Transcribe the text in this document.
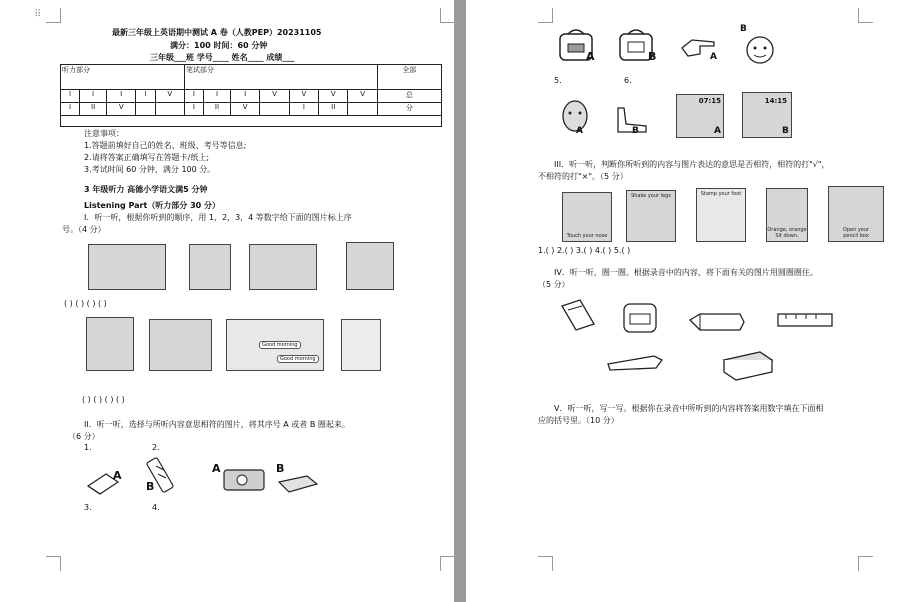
⠿
最新三年级上英语期中测试 A 卷（人教PEP）20231105
满分：100 时间：60 分钟
三年级___班 学号____ 姓名____ 成绩___
听力部分					笔试部分							全部
I	I	I	I	V	I	I	I	V	V	V	V	总
I	II	V			I	II	V		I	II		分

注意事项：
1.答题前填好自己的姓名、班级、考号等信息;
2.请将答案正确填写在答题卡/纸上;
3.考试时间 60 分钟，满分 100 分。
3 年级听力 高德小学语文满5 分钟
Listening Part（听力部分 30 分）
I．听一听，根据你听到的顺序，用 1，2，3，4 等数字给下面的图片标上序
号。（4 分）
( ) ( ) ( ) ( )
Good morning
Good morning
( ) ( ) ( ) ( )
II．听一听，选择与所听内容意思相符的图片，将其序号 A 或者 B 圈起来。
（6 分）
1.	2.
A
B
A	B
3.	4.
A	B	A
B
5.	6.
A	B
07:15
A
14:15
B
III．听一听，判断你所听到的内容与图片表达的意思是否相符，相符的打"√"，
不相符的打"×"。（5 分）
Touch your nose
Shake your legs	Stamp your foot
Orange, orange
Sit down.
Open your
pencil box
1.( ) 2.( ) 3.( ) 4.( ) 5.( )
IV．听一听，圈一圈。根据录音中的内容，将下面有关的图片用圆圈圈住。
（5 分）
V．听一听，写一写。根据你在录音中所听到的内容将答案用数字填在下面相
应的括号里。（10 分）
